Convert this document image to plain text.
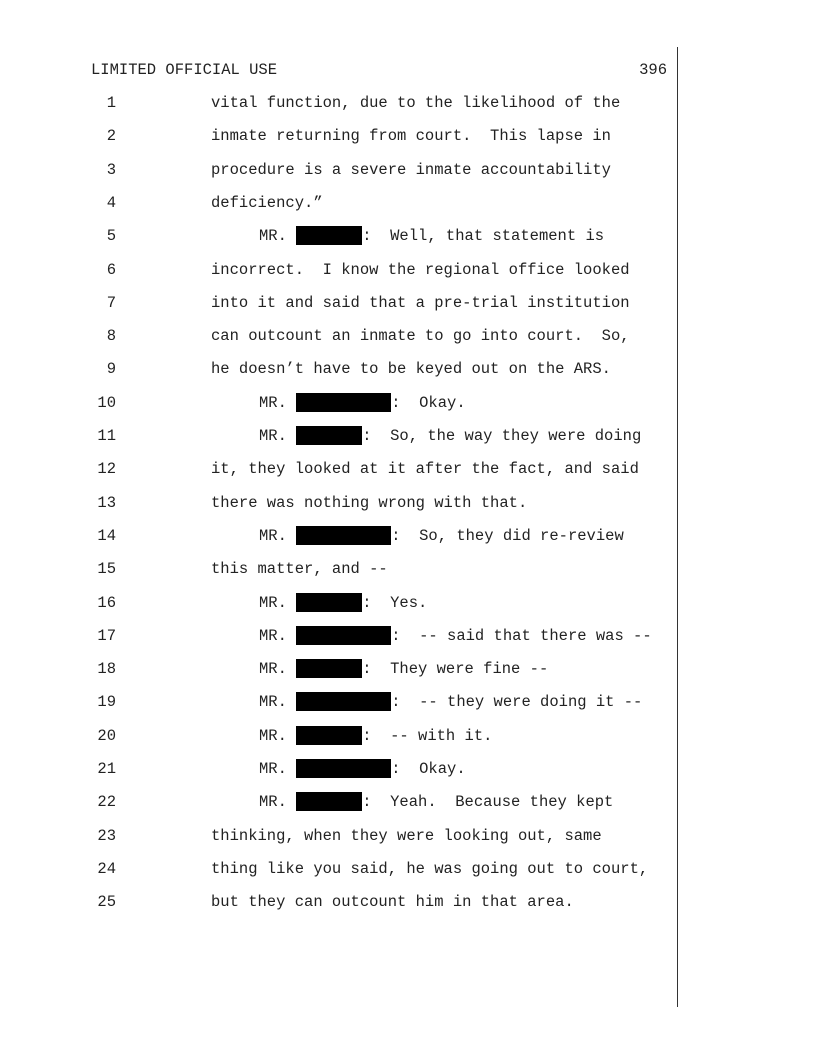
LIMITED OFFICIAL USE	396
1	vital function, due to the likelihood of the
2	inmate returning from court.  This lapse in
3	procedure is a severe inmate accountability
4	deficiency.”
5	MR.	:  Well, that statement is
6	incorrect.  I know the regional office looked
7	into it and said that a pre-trial institution
8	can outcount an inmate to go into court.  So,
9	he doesn’t have to be keyed out on the ARS.
10	MR.	:  Okay.
11	MR.	:  So, the way they were doing
12	it, they looked at it after the fact, and said
13	there was nothing wrong with that.
14	MR.	:  So, they did re-review
15	this matter, and --
16	MR.	:  Yes.
17	MR.	:  -- said that there was --
18	MR.	:  They were fine --
19	MR.	:  -- they were doing it --
20	MR.	:  -- with it.
21	MR.	:  Okay.
22	MR.	:  Yeah.  Because they kept
23	thinking, when they were looking out, same
24	thing like you said, he was going out to court,
25	but they can outcount him in that area.
